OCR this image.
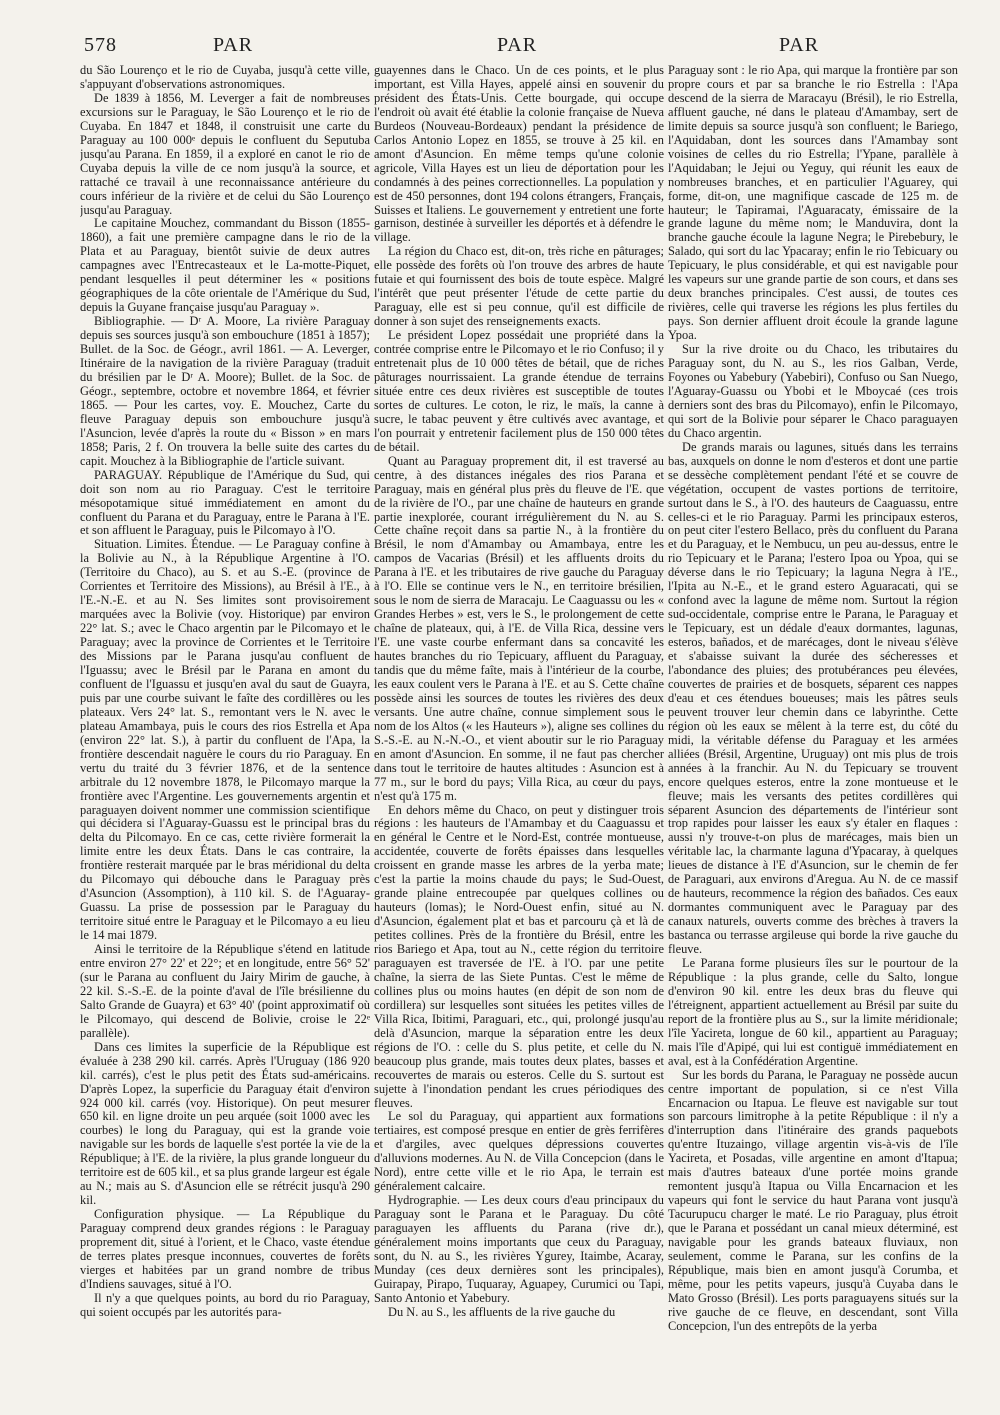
578	PAR	PAR	PAR

du São Lourenço et le rio de Cuyaba, jusqu'à cette ville, s'appuyant d'observations astronomiques.

De 1839 à 1856, M. Leverger a fait de nombreuses excursions sur le Paraguay, le São Lourenço et le rio de Cuyaba. En 1847 et 1848, il construisit une carte du Paraguay au 100 000ᵉ depuis le confluent du Seputuba jusqu'au Parana. En 1859, il a exploré en canot le rio de Cuyaba depuis la ville de ce nom jusqu'à la source, et rattaché ce travail à une reconnaissance antérieure du cours inférieur de la rivière et de celui du São Lourenço jusqu'au Paraguay.

Le capitaine Mouchez, commandant du Bisson (1855-1860), a fait une première campagne dans le rio de la Plata et au Paraguay, bientôt suivie de deux autres campagnes avec l'Entrecasteaux et le La-motte-Piquet, pendant lesquelles il peut déterminer les « positions géographiques de la côte orientale de l'Amérique du Sud, depuis la Guyane française jusqu'au Paraguay ».

Bibliographie. — Dʳ A. Moore, La rivière Paraguay depuis ses sources jusqu'à son embouchure (1851 à 1857); Bullet. de la Soc. de Géogr., avril 1861. — A. Leverger, Itinéraire de la navigation de la rivière Paraguay (traduit du brésilien par le Dʳ A. Moore); Bullet. de la Soc. de Géogr., septembre, octobre et novembre 1864, et février 1865. — Pour les cartes, voy. E. Mouchez, Carte du fleuve Paraguay depuis son embouchure jusqu'à l'Asuncion, levée d'après la route du « Bisson » en mars 1858; Paris, 2 f. On trouvera la belle suite des cartes du capit. Mouchez à la Bibliographie de l'article suivant.

PARAGUAY. République de l'Amérique du Sud, qui doit son nom au rio Paraguay. C'est le territoire mésopotamique situé immédiatement en amont du confluent du Parana et du Paraguay, entre le Parana à l'E. et son affluent le Paraguay, puis le Pilcomayo à l'O.

Situation. Limites. Étendue. — Le Paraguay confine à la Bolivie au N., à la République Argentine à l'O. (Territoire du Chaco), au S. et au S.-E. (province de Corrientes et Territoire des Missions), au Brésil à l'E., à l'E.-N.-E. et au N. Ses limites sont provisoirement marquées avec la Bolivie (voy. Historique) par environ 22° lat. S.; avec le Chaco argentin par le Pilcomayo et le Paraguay; avec la province de Corrientes et le Territoire des Missions par le Parana jusqu'au confluent de l'Iguassu; avec le Brésil par le Parana en amont du confluent de l'Iguassu et jusqu'en aval du saut de Guayra, puis par une courbe suivant le faîte des cordillères ou les plateaux. Vers 24° lat. S., remontant vers le N. avec le plateau Amambaya, puis le cours des rios Estrella et Apa (environ 22° lat. S.), à partir du confluent de l'Apa, la frontière descendait naguère le cours du rio Paraguay. En vertu du traité du 3 février 1876, et de la sentence arbitrale du 12 novembre 1878, le Pilcomayo marque la frontière avec l'Argentine. Les gouvernements argentin et paraguayen doivent nommer une commission scientifique qui décidera si l'Aguaray-Guassu est le principal bras du delta du Pilcomayo. En ce cas, cette rivière formerait la limite entre les deux États. Dans le cas contraire, la frontière resterait marquée par le bras méridional du delta du Pilcomayo qui débouche dans le Paraguay près d'Asuncion (Assomption), à 110 kil. S. de l'Aguaray-Guassu. La prise de possession par le Paraguay du territoire situé entre le Paraguay et le Pilcomayo a eu lieu le 14 mai 1879.

Ainsi le territoire de la République s'étend en latitude entre environ 27° 22' et 22°; et en longitude, entre 56° 52' (sur le Parana au confluent du Jairy Mirim de gauche, à 22 kil. S.-S.-E. de la pointe d'aval de l'île brésilienne du Salto Grande de Guayra) et 63° 40' (point approximatif où le Pilcomayo, qui descend de Bolivie, croise le 22ᵉ parallèle).

Dans ces limites la superficie de la République est évaluée à 238 290 kil. carrés. Après l'Uruguay (186 920 kil. carrés), c'est le plus petit des États sud-américains. D'après Lopez, la superficie du Paraguay était d'environ 924 000 kil. carrés (voy. Historique). On peut mesurer 650 kil. en ligne droite un peu arquée (soit 1000 avec les courbes) le long du Paraguay, qui est la grande voie navigable sur les bords de laquelle s'est portée la vie de la République; à l'E. de la rivière, la plus grande longueur du territoire est de 605 kil., et sa plus grande largeur est égale au N.; mais au S. d'Asuncion elle se rétrécit jusqu'à 290 kil.

Configuration physique. — La République du Paraguay comprend deux grandes régions : le Paraguay proprement dit, situé à l'orient, et le Chaco, vaste étendue de terres plates presque inconnues, couvertes de forêts vierges et habitées par un grand nombre de tribus d'Indiens sauvages, situé à l'O.

Il n'y a que quelques points, au bord du rio Paraguay, qui soient occupés par les autorités para-

guayennes dans le Chaco. Un de ces points, et le plus important, est Villa Hayes, appelé ainsi en souvenir du président des États-Unis. Cette bourgade, qui occupe l'endroit où avait été établie la colonie française de Nueva Burdeos (Nouveau-Bordeaux) pendant la présidence de Carlos Antonio Lopez en 1855, se trouve à 25 kil. en amont d'Asuncion. En même temps qu'une colonie agricole, Villa Hayes est un lieu de déportation pour les condamnés à des peines correctionnelles. La population y est de 450 personnes, dont 194 colons étrangers, Français, Suisses et Italiens. Le gouvernement y entretient une forte garnison, destinée à surveiller les déportés et à défendre le village.

La région du Chaco est, dit-on, très riche en pâturages; elle possède des forêts où l'on trouve des arbres de haute futaie et qui fournissent des bois de toute espèce. Malgré l'intérêt que peut présenter l'étude de cette partie du Paraguay, elle est si peu connue, qu'il est difficile de donner à son sujet des renseignements exacts.

Le président Lopez possédait une propriété dans la contrée comprise entre le Pilcomayo et le rio Confuso; il y entretenait plus de 10 000 têtes de bétail, que de riches pâturages nourrissaient. La grande étendue de terrains située entre ces deux rivières est susceptible de toutes sortes de cultures. Le coton, le riz, le maïs, la canne à sucre, le tabac peuvent y être cultivés avec avantage, et l'on pourrait y entretenir facilement plus de 150 000 têtes de bétail.

Quant au Paraguay proprement dit, il est traversé au centre, à des distances inégales des rios Parana et Paraguay, mais en général plus près du fleuve de l'E. que de la rivière de l'O., par une chaîne de hauteurs en grande partie inexplorée, courant irrégulièrement du N. au S. Cette chaîne reçoit dans sa partie N., à la frontière du Brésil, le nom d'Amambay ou Amambaya, entre les campos de Vacarias (Brésil) et les affluents droits du Parana à l'E. et les tributaires de rive gauche du Paraguay à l'O. Elle se continue vers le N., en territoire brésilien, sous le nom de sierra de Maracaju. Le Caaguassu ou les « Grandes Herbes » est, vers le S., le prolongement de cette chaîne de plateaux, qui, à l'E. de Villa Rica, dessine vers l'E. une vaste courbe enfermant dans sa concavité les hautes branches du rio Tepicuary, affluent du Paraguay, tandis que du même faîte, mais à l'intérieur de la courbe, les eaux coulent vers le Parana à l'E. et au S. Cette chaîne possède ainsi les sources de toutes les rivières des deux versants. Une autre chaîne, connue simplement sous le nom de los Altos (« les Hauteurs »), aligne ses collines du S.-S.-E. au N.-N.-O., et vient aboutir sur le rio Paraguay en amont d'Asuncion. En somme, il ne faut pas chercher dans tout le territoire de hautes altitudes : Asuncion est à 77 m., sur le bord du pays; Villa Rica, au cœur du pays, n'est qu'à 175 m.

En dehors même du Chaco, on peut y distinguer trois régions : les hauteurs de l'Amambay et du Caaguassu et en général le Centre et le Nord-Est, contrée montueuse, accidentée, couverte de forêts épaisses dans lesquelles croissent en grande masse les arbres de la yerba mate; c'est la partie la moins chaude du pays; le Sud-Ouest, grande plaine entrecoupée par quelques collines ou hauteurs (lomas); le Nord-Ouest enfin, situé au N. d'Asuncion, également plat et bas et parcouru çà et là de petites collines. Près de la frontière du Brésil, entre les rios Bariego et Apa, tout au N., cette région du territoire paraguayen est traversée de l'E. à l'O. par une petite chaîne, la sierra de las Siete Puntas. C'est le même de collines plus ou moins hautes (en dépit de son nom de cordillera) sur lesquelles sont situées les petites villes de Villa Rica, Ibitimi, Paraguari, etc., qui, prolongé jusqu'au delà d'Asuncion, marque la séparation entre les deux régions de l'O. : celle du S. plus petite, et celle du N. beaucoup plus grande, mais toutes deux plates, basses et recouvertes de marais ou esteros. Celle du S. surtout est sujette à l'inondation pendant les crues périodiques des fleuves.

Le sol du Paraguay, qui appartient aux formations tertiaires, est composé presque en entier de grès ferrifères et d'argiles, avec quelques dépressions couvertes d'alluvions modernes. Au N. de Villa Concepcion (dans le Nord), entre cette ville et le rio Apa, le terrain est généralement calcaire.

Hydrographie. — Les deux cours d'eau principaux du Paraguay sont le Parana et le Paraguay. Du côté paraguayen les affluents du Parana (rive dr.), généralement moins importants que ceux du Paraguay, sont, du N. au S., les rivières Ygurey, Itaimbe, Acaray, Munday (ces deux dernières sont les principales), Guirapay, Pirapo, Tuquaray, Aguapey, Curumici ou Tapi, Santo Antonio et Yabebury.

Du N. au S., les affluents de la rive gauche du

Paraguay sont : le rio Apa, qui marque la frontière par son propre cours et par sa branche le rio Estrella : l'Apa descend de la sierra de Maracayu (Brésil), le rio Estrella, affluent gauche, né dans le plateau d'Amambay, sert de limite depuis sa source jusqu'à son confluent; le Bariego, l'Aquidaban, dont les sources dans l'Amambay sont voisines de celles du rio Estrella; l'Ypane, parallèle à l'Aquidaban; le Jejui ou Yeguy, qui réunit les eaux de nombreuses branches, et en particulier l'Aguarey, qui forme, dit-on, une magnifique cascade de 125 m. de hauteur; le Tapiramai, l'Aguaracaty, émissaire de la grande lagune du même nom; le Manduvira, dont la branche gauche écoule la lagune Negra; le Pirebebury, le Salado, qui sort du lac Ypacaray; enfin le rio Tebicuary ou Tepicuary, le plus considérable, et qui est navigable pour les vapeurs sur une grande partie de son cours, et dans ses deux branches principales. C'est aussi, de toutes ces rivières, celle qui traverse les régions les plus fertiles du pays. Son dernier affluent droit écoule la grande lagune Ypoa.

Sur la rive droite ou du Chaco, les tributaires du Paraguay sont, du N. au S., les rios Galban, Verde, Foyones ou Yabebury (Yabebiri), Confuso ou San Nuego, l'Aguaray-Guassu ou Ybobi et le Mboycaé (ces trois derniers sont des bras du Pilcomayo), enfin le Pilcomayo, qui sort de la Bolivie pour séparer le Chaco paraguayen du Chaco argentin.

De grands marais ou lagunes, situés dans les terrains bas, auxquels on donne le nom d'esteros et dont une partie se dessèche complètement pendant l'été et se couvre de végétation, occupent de vastes portions de territoire, surtout dans le S., à l'O. des hauteurs de Caaguassu, entre celles-ci et le rio Paraguay. Parmi les principaux esteros, on peut citer l'estero Bellaco, près du confluent du Parana et du Paraguay, et le Nembucu, un peu au-dessus, entre le rio Tepicuary et le Parana; l'estero Ipoa ou Ypoa, qui se déverse dans le rio Tepicuary; la laguna Negra à l'E., l'Ipita au N.-E., et le grand estero Aguaracati, qui se confond avec la lagune de même nom. Surtout la région sud-occidentale, comprise entre le Parana, le Paraguay et le Tepicuary, est un dédale d'eaux dormantes, lagunas, esteros, bañados, et de marécages, dont le niveau s'élève et s'abaisse suivant la durée des sécheresses et l'abondance des pluies; des protubérances peu élevées, couvertes de prairies et de bosquets, séparent ces nappes d'eau et ces étendues boueuses; mais les pâtres seuls peuvent trouver leur chemin dans ce labyrinthe. Cette région où les eaux se mêlent à la terre est, du côté du midi, la véritable défense du Paraguay et les armées alliées (Brésil, Argentine, Uruguay) ont mis plus de trois années à la franchir. Au N. du Tepicuary se trouvent encore quelques esteros, entre la zone montueuse et le fleuve; mais les versants des petites cordillères qui séparent Asuncion des départements de l'intérieur sont trop rapides pour laisser les eaux s'y étaler en flaques : aussi n'y trouve-t-on plus de marécages, mais bien un véritable lac, la charmante laguna d'Ypacaray, à quelques lieues de distance à l'E d'Asuncion, sur le chemin de fer de Paraguari, aux environs d'Aregua. Au N. de ce massif de hauteurs, recommence la région des bañados. Ces eaux dormantes communiquent avec le Paraguay par des canaux naturels, ouverts comme des brèches à travers la bastanca ou terrasse argileuse qui borde la rive gauche du fleuve.

Le Parana forme plusieurs îles sur le pourtour de la République : la plus grande, celle du Salto, longue d'environ 90 kil. entre les deux bras du fleuve qui l'étreignent, appartient actuellement au Brésil par suite du report de la frontière plus au S., sur la limite méridionale; l'île Yacireta, longue de 60 kil., appartient au Paraguay; mais l'île d'Apipé, qui lui est contiguë immédiatement en aval, est à la Confédération Argentine.

Sur les bords du Parana, le Paraguay ne possède aucun centre important de population, si ce n'est Villa Encarnacion ou Itapua. Le fleuve est navigable sur tout son parcours limitrophe à la petite République : il n'y a d'interruption dans l'itinéraire des grands paquebots qu'entre Ituzaingo, village argentin vis-à-vis de l'île Yacireta, et Posadas, ville argentine en amont d'Itapua; mais d'autres bateaux d'une portée moins grande remontent jusqu'à Itapua ou Villa Encarnacion et les vapeurs qui font le service du haut Parana vont jusqu'à Tacurupucu charger le maté. Le rio Paraguay, plus étroit que le Parana et possédant un canal mieux déterminé, est navigable pour les grands bateaux fluviaux, non seulement, comme le Parana, sur les confins de la République, mais bien en amont jusqu'à Corumba, et même, pour les petits vapeurs, jusqu'à Cuyaba dans le Mato Grosso (Brésil). Les ports paraguayens situés sur la rive gauche de ce fleuve, en descendant, sont Villa Concepcion, l'un des entrepôts de la yerba
